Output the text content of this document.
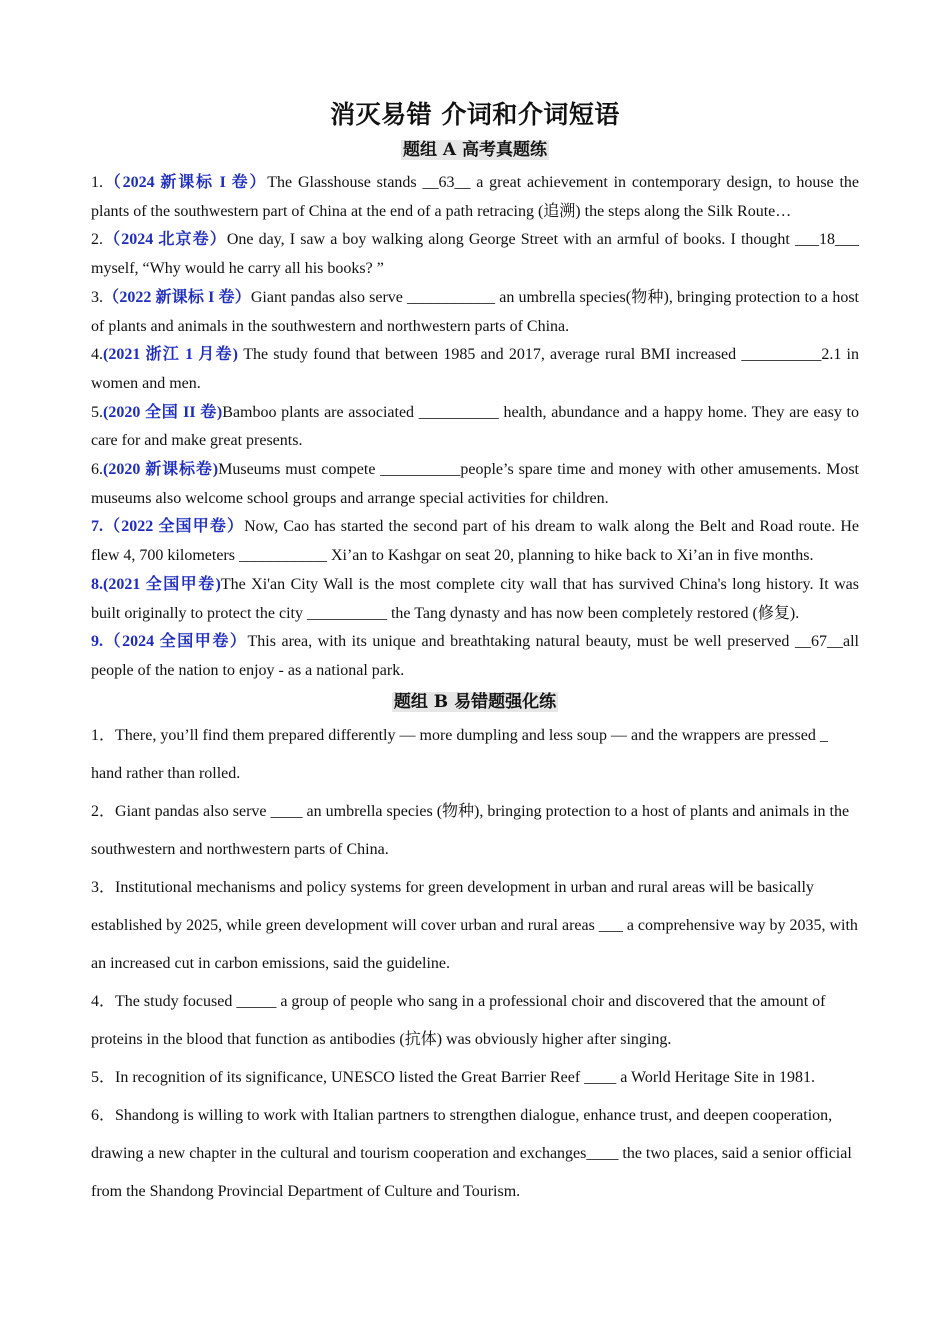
消灭易错 介词和介词短语
题组 A 高考真题练

1.（2024 新课标 I 卷）The Glasshouse stands __63__ a great achievement in contemporary design, to house the plants of the southwestern part of China at the end of a path retracing (追溯) the steps along the Silk Route…

2.（2024 北京卷）One day, I saw a boy walking along George Street with an armful of books. I thought ___18___ myself, “Why would he carry all his books? ”

3.（2022 新课标 I 卷）Giant pandas also serve ___________ an umbrella species(物种), bringing protection to a host of plants and animals in the southwestern and northwestern parts of China.

4.(2021 浙江 1 月卷) The study found that between 1985 and 2017, average rural BMI increased __________2.1 in women and men.

5.(2020 全国 II 卷)Bamboo plants are associated __________ health, abundance and a happy home. They are easy to care for and make great presents.

6.(2020 新课标卷)Museums must compete __________people’s spare time and money with other amusements. Most museums also welcome school groups and arrange special activities for children.

7.（2022 全国甲卷）Now, Cao has started the second part of his dream to walk along the Belt and Road route. He flew 4, 700 kilometers ___________ Xi’an to Kashgar on seat 20, planning to hike back to Xi’an in five months.

8.(2021 全国甲卷)The Xi'an City Wall is the most complete city wall that has survived China's long history. It was built originally to protect the city __________ the Tang dynasty and has now been completely restored (修复).

9.（2024 全国甲卷）This area, with its unique and breathtaking natural beauty, must be well preserved __67__all people of the nation to enjoy - as a national park.

题组 B 易错题强化练

1．There, you’ll find them prepared differently — more dumpling and less soup — and the wrappers are pressed _ hand rather than rolled.

2．Giant pandas also serve ____ an umbrella species (物种), bringing protection to a host of plants and animals in the southwestern and northwestern parts of China.

3．Institutional mechanisms and policy systems for green development in urban and rural areas will be basically established by 2025, while green development will cover urban and rural areas ___ a comprehensive way by 2035, with an increased cut in carbon emissions, said the guideline.

4．The study focused _____ a group of people who sang in a professional choir and discovered that the amount of proteins in the blood that function as antibodies (抗体) was obviously higher after singing.

5．In recognition of its significance, UNESCO listed the Great Barrier Reef ____ a World Heritage Site in 1981.

6．Shandong is willing to work with Italian partners to strengthen dialogue, enhance trust, and deepen cooperation, drawing a new chapter in the cultural and tourism cooperation and exchanges____ the two places, said a senior official from the Shandong Provincial Department of Culture and Tourism.
